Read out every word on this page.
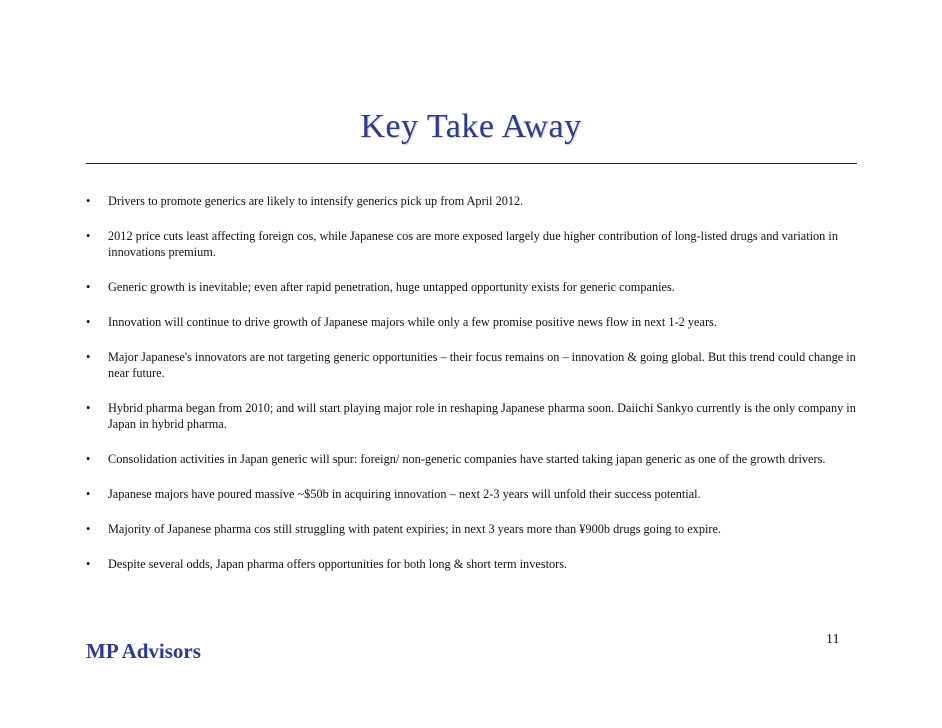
Key Take Away
•	Drivers to promote generics are likely to intensify generics pick up from April 2012.
•	2012 price cuts least affecting foreign cos, while Japanese cos are more exposed largely due higher contribution of long-listed drugs and variation in innovations premium.
•	Generic growth is inevitable; even after rapid penetration, huge untapped opportunity exists for generic companies.
•	Innovation will continue to drive growth of Japanese majors while only a few promise positive news flow in next 1-2 years.
•	Major Japanese's innovators are not targeting generic opportunities – their focus remains on – innovation & going global. But this trend could change in near future.
•	Hybrid pharma began from 2010; and will start playing major role in reshaping Japanese pharma soon. Daiichi Sankyo currently is the only company in Japan in hybrid pharma.
•	Consolidation activities in Japan generic will spur: foreign/ non-generic companies have started taking japan generic as one of the growth drivers.
•	Japanese majors have poured massive ~$50b in acquiring innovation – next 2-3 years will unfold their success potential.
•	Majority of Japanese pharma cos still struggling with patent expiries; in next 3 years more than ¥900b drugs going to expire.
•	Despite several odds, Japan pharma offers opportunities for both long & short term investors.
11
MP Advisors
